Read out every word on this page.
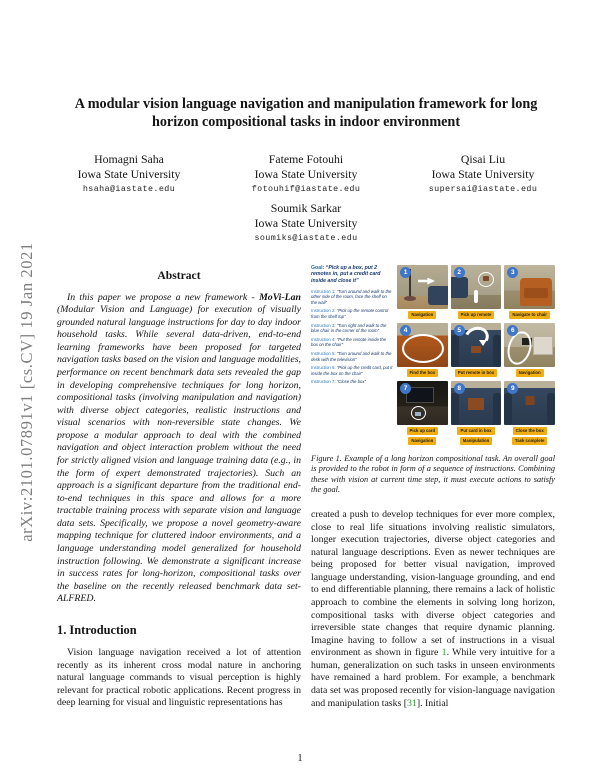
arXiv:2101.07891v1 [cs.CV] 19 Jan 2021
A modular vision language navigation and manipulation framework for long horizon compositional tasks in indoor environment
Homagni Saha
Iowa State University
hsaha@iastate.edu
Fateme Fotouhi
Iowa State University
fotouhif@iastate.edu
Qisai Liu
Iowa State University
supersai@iastate.edu
Soumik Sarkar
Iowa State University
soumiks@iastate.edu
Abstract

In this paper we propose a new framework - MoVi-Lan (Modular Vision and Language) for execution of visually grounded natural language instructions for day to day indoor household tasks. While several data-driven, end-to-end learning frameworks have been proposed for targeted navigation tasks based on the vision and language modalities, performance on recent benchmark data sets revealed the gap in developing comprehensive techniques for long horizon, compositional tasks (involving manipulation and navigation) with diverse object categories, realistic instructions and visual scenarios with non-reversible state changes. We propose a modular approach to deal with the combined navigation and object interaction problem without the need for strictly aligned vision and language training data (e.g., in the form of expert demonstrated trajectories). Such an approach is a significant departure from the traditional end-to-end techniques in this space and allows for a more tractable training process with separate vision and language data sets. Specifically, we propose a novel geometry-aware mapping technique for cluttered indoor environments, and a language understanding model generalized for household instruction following. We demonstrate a significant increase in success rates for long-horizon, compositional tasks over the baseline on the recently released benchmark data set-ALFRED.

1. Introduction

Vision language navigation received a lot of attention recently as its inherent cross modal nature in anchoring natural language commands to visual perception is highly relevant for practical robotic applications. Recent progress in deep learning for visual and linguistic representations has

Goal: “Pick up a box, put 2 remotes in, put a credit card inside and close it”
Instruction 1: “Turn around and walk to the other side of the room, face the shelf on the wall”
Instruction 2: “Pick up the remote control from the shelf top”
Instruction 3: “Turn right and walk to the blue chair in the corner of the room”
Instruction 4: “Put the remote inside the box on the chair”
Instruction 5: “Turn around and walk to the desk with the television”
Instruction 6: “Pick up the credit card, put it inside the box on the chair”
Instruction 7: “Close the box”
1
Navigation
2
Pick up remote
3
Navigate to chair
4
Find the box
5
Put remote in box
6
Navigation
7
Pick up card
Navigation
8
Put card in box
Manipulation
9
Close the box
Task complete

Figure 1. Example of a long horizon compositional task. An overall goal is provided to the robot in form of a sequence of instructions. Combining these with vision at current time step, it must execute actions to satisfy the goal.

created a push to develop techniques for ever more complex, close to real life situations involving realistic simulators, longer execution trajectories, diverse object categories and natural language descriptions. Even as newer techniques are being proposed for better visual navigation, improved language understanding, vision-language grounding, and end to end differentiable planning, there remains a lack of holistic approach to combine the elements in solving long horizon, compositional tasks with diverse object categories and irreversible state changes that require dynamic planning. Imagine having to follow a set of instructions in a visual environment as shown in figure 1. While very intuitive for a human, generalization on such tasks in unseen environments have remained a hard problem. For example, a benchmark data set was proposed recently for vision-language navigation and manipulation tasks [31]. Initial

1
